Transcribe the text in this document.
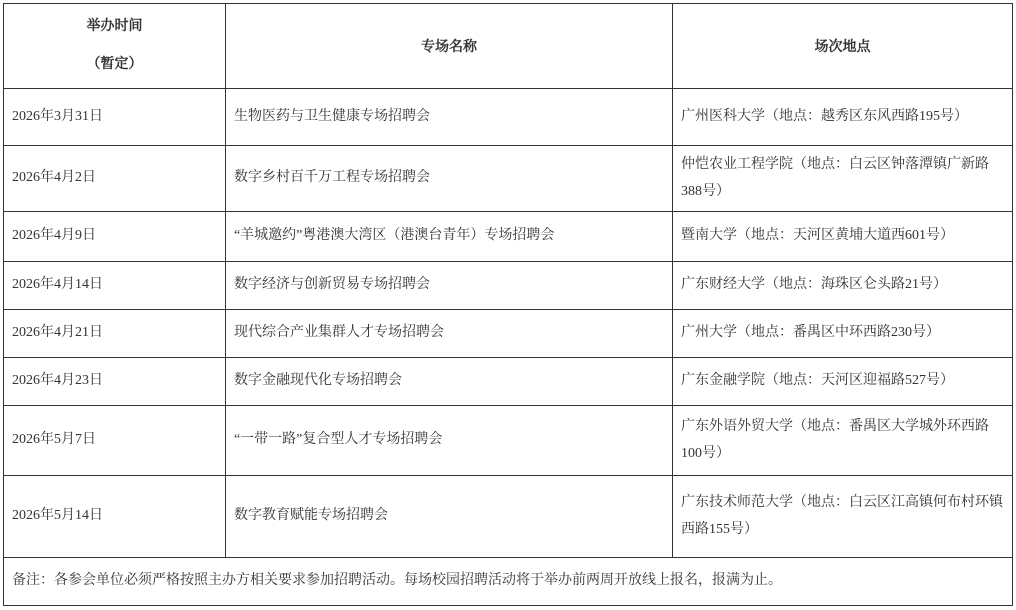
举办时间
（暂定）	专场名称	场次地点
2026年3月31日	生物医药与卫生健康专场招聘会	广州医科大学（地点：越秀区东风西路195号）
2026年4月2日	数字乡村百千万工程专场招聘会	仲恺农业工程学院（地点：白云区钟落潭镇广新路388号）
2026年4月9日	“羊城邀约”粤港澳大湾区（港澳台青年）专场招聘会	暨南大学（地点：天河区黄埔大道西601号）
2026年4月14日	数字经济与创新贸易专场招聘会	广东财经大学（地点：海珠区仑头路21号）
2026年4月21日	现代综合产业集群人才专场招聘会	广州大学（地点：番禺区中环西路230号）
2026年4月23日	数字金融现代化专场招聘会	广东金融学院（地点：天河区迎福路527号）
2026年5月7日	“一带一路”复合型人才专场招聘会	广东外语外贸大学（地点：番禺区大学城外环西路100号）
2026年5月14日	数字教育赋能专场招聘会	广东技术师范大学（地点：白云区江高镇何布村环镇西路155号）
备注：各参会单位必须严格按照主办方相关要求参加招聘活动。每场校园招聘活动将于举办前两周开放线上报名，报满为止。		
